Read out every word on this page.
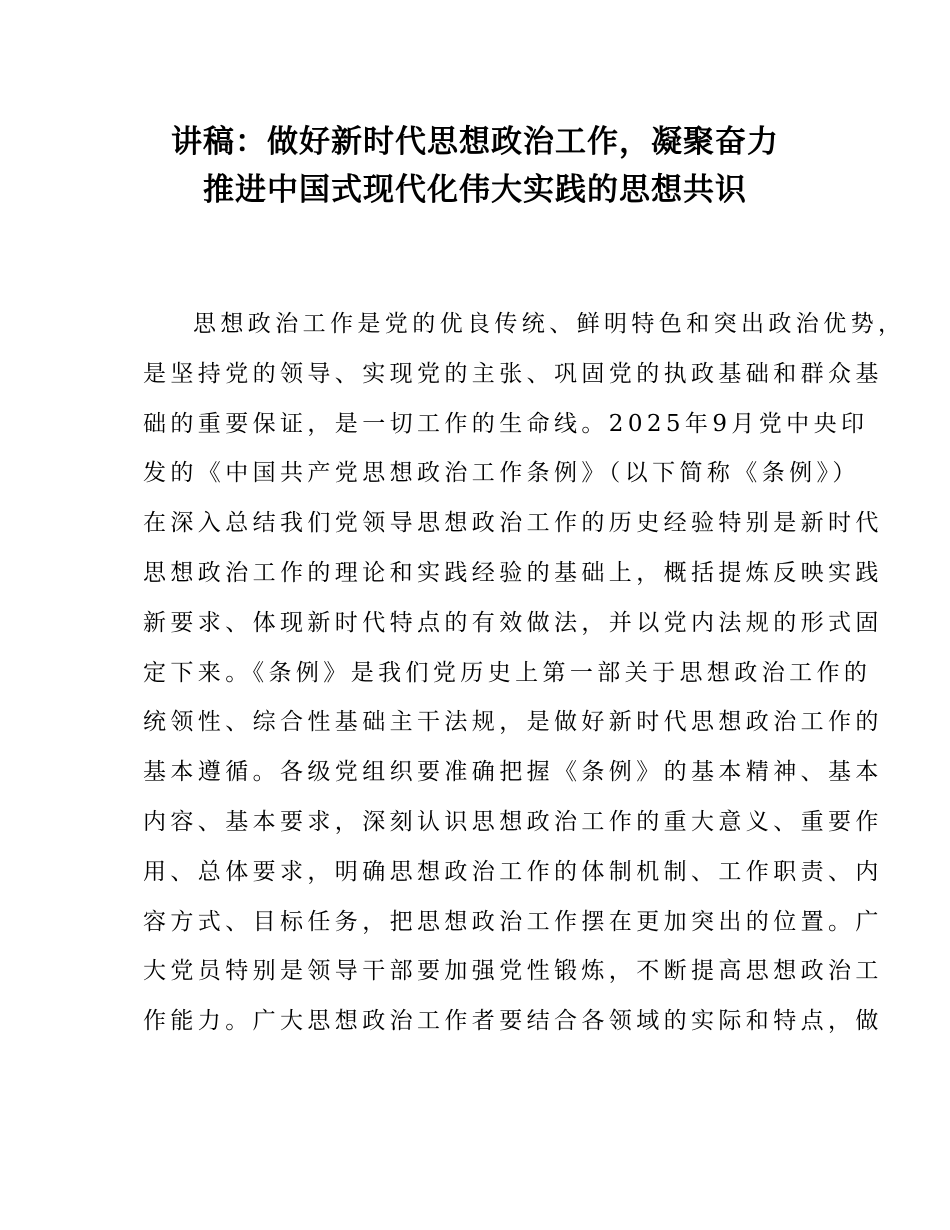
讲稿：做好新时代思想政治工作，凝聚奋力
推进中国式现代化伟大实践的思想共识
思想政治工作是党的优良传统、鲜明特色和突出政治优势，
是坚持党的领导、实现党的主张、巩固党的执政基础和群众基
础的重要保证，是一切工作的生命线。2025年9月党中央印
发的《中国共产党思想政治工作条例》（以下简称《条例》）
在深入总结我们党领导思想政治工作的历史经验特别是新时代
思想政治工作的理论和实践经验的基础上，概括提炼反映实践
新要求、体现新时代特点的有效做法，并以党内法规的形式固
定下来。《条例》是我们党历史上第一部关于思想政治工作的
统领性、综合性基础主干法规，是做好新时代思想政治工作的
基本遵循。各级党组织要准确把握《条例》的基本精神、基本
内容、基本要求，深刻认识思想政治工作的重大意义、重要作
用、总体要求，明确思想政治工作的体制机制、工作职责、内
容方式、目标任务，把思想政治工作摆在更加突出的位置。广
大党员特别是领导干部要加强党性锻炼，不断提高思想政治工
作能力。广大思想政治工作者要结合各领域的实际和特点，做
